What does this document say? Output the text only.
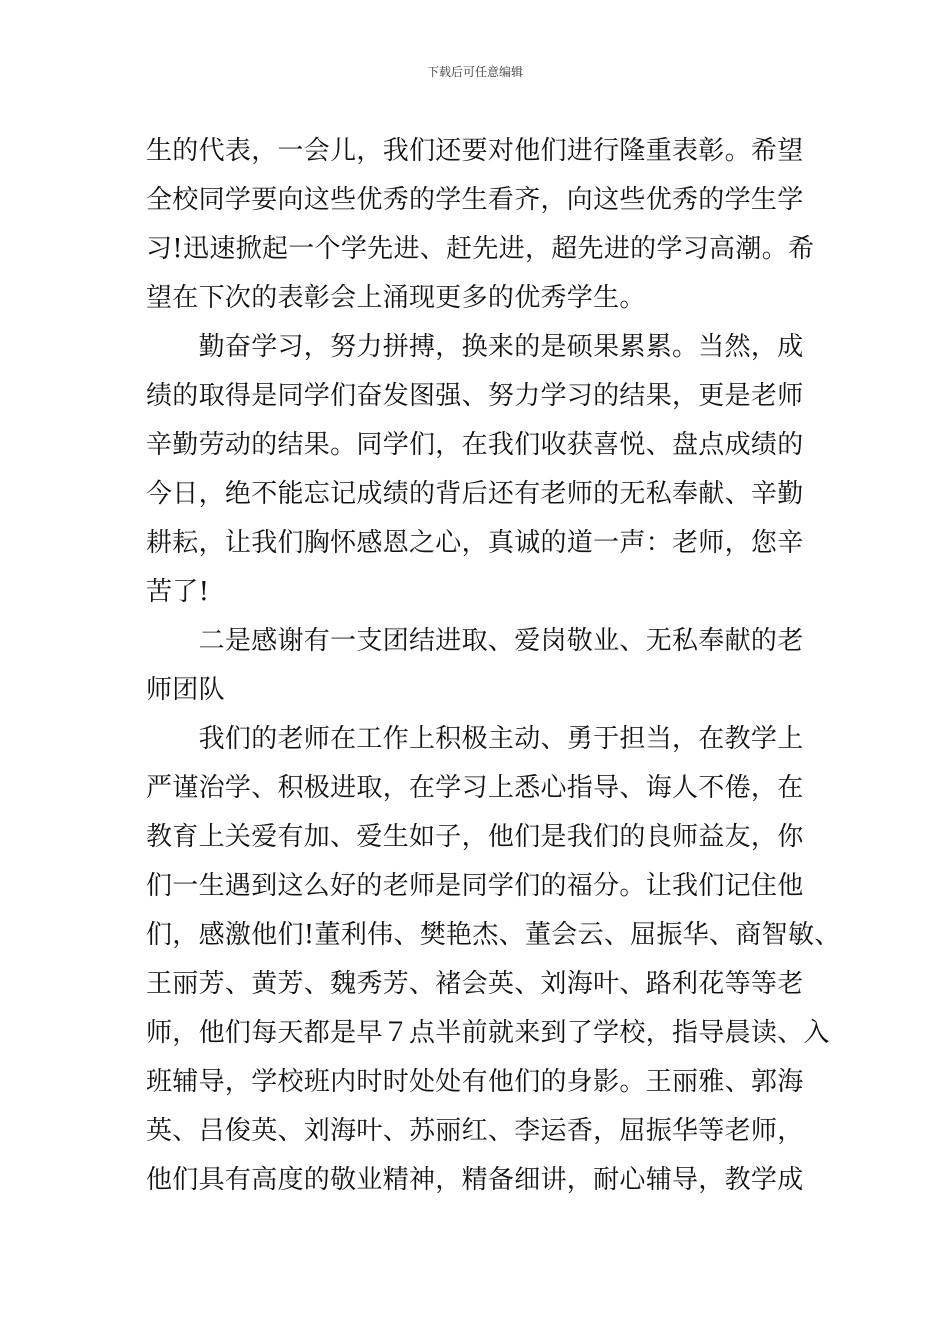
下载后可任意编辑
生的代表，一会儿，我们还要对他们进行隆重表彰。希望
全校同学要向这些优秀的学生看齐，向这些优秀的学生学
习!迅速掀起一个学先进、赶先进，超先进的学习高潮。希
望在下次的表彰会上涌现更多的优秀学生。
　　勤奋学习，努力拼搏，换来的是硕果累累。当然，成
绩的取得是同学们奋发图强、努力学习的结果，更是老师
辛勤劳动的结果。同学们，在我们收获喜悦、盘点成绩的
今日，绝不能忘记成绩的背后还有老师的无私奉献、辛勤
耕耘，让我们胸怀感恩之心，真诚的道一声：老师，您辛
苦了!
　　二是感谢有一支团结进取、爱岗敬业、无私奉献的老
师团队
　　我们的老师在工作上积极主动、勇于担当，在教学上
严谨治学、积极进取，在学习上悉心指导、诲人不倦，在
教育上关爱有加、爱生如子，他们是我们的良师益友，你
们一生遇到这么好的老师是同学们的福分。让我们记住他
们，感激他们!董利伟、樊艳杰、董会云、屈振华、商智敏、
王丽芳、黄芳、魏秀芳、褚会英、刘海叶、路利花等等老
师，他们每天都是早７点半前就来到了学校，指导晨读、入
班辅导，学校班内时时处处有他们的身影。王丽雅、郭海
英、吕俊英、刘海叶、苏丽红、李运香，屈振华等老师，
他们具有高度的敬业精神，精备细讲，耐心辅导，教学成
